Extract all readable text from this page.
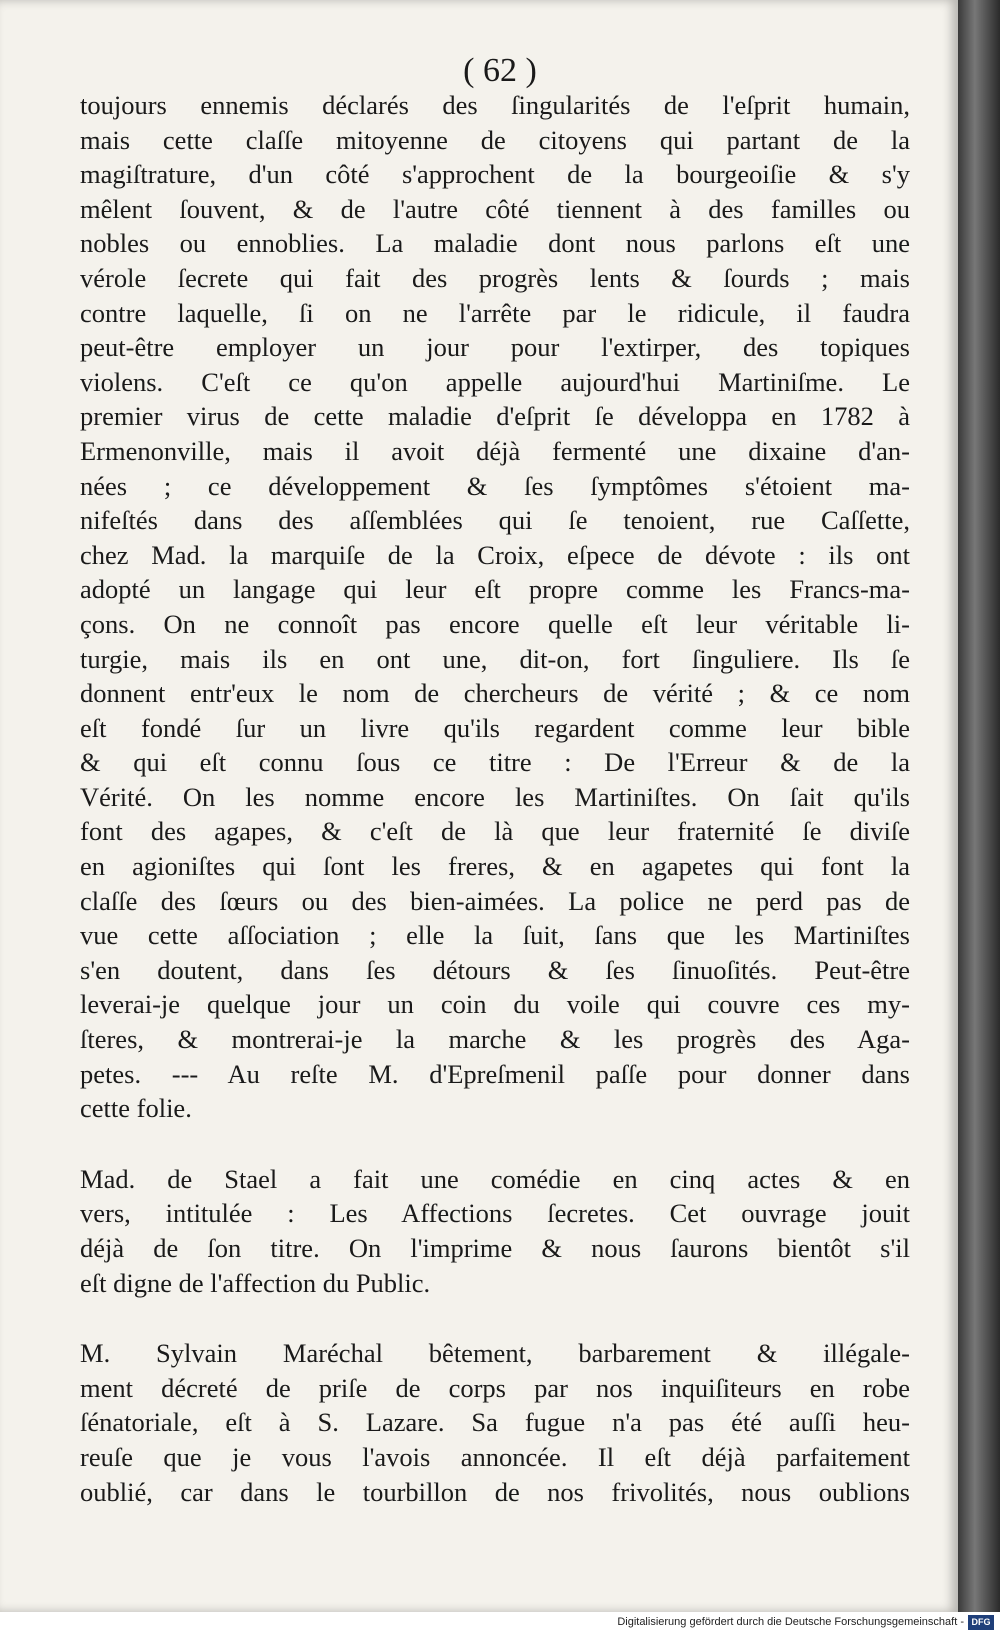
( 62 )
toujours ennemis déclarés des ſingularités de l'eſprit humain,
mais cette claſſe mitoyenne de citoyens qui partant de la
magiſtrature, d'un côté s'approchent de la bourgeoiſie & s'y
mêlent ſouvent, & de l'autre côté tiennent à des familles ou
nobles ou ennoblies. La maladie dont nous parlons eſt une
vérole ſecrete qui fait des progrès lents & ſourds ; mais
contre laquelle, ſi on ne l'arrête par le ridicule, il faudra
peut-être employer un jour pour l'extirper, des topiques
violens. C'eſt ce qu'on appelle aujourd'hui Martiniſme. Le
premier virus de cette maladie d'eſprit ſe développa en 1782 à
Ermenonville, mais il avoit déjà fermenté une dixaine d'an-
nées ; ce développement & ſes ſymptômes s'étoient ma-
nifeſtés dans des aſſemblées qui ſe tenoient, rue Caſſette,
chez Mad. la marquiſe de la Croix, eſpece de dévote : ils ont
adopté un langage qui leur eſt propre comme les Francs-ma-
çons. On ne connoît pas encore quelle eſt leur véritable li-
turgie, mais ils en ont une, dit-on, fort ſinguliere. Ils ſe
donnent entr'eux le nom de chercheurs de vérité ; & ce nom
eſt fondé ſur un livre qu'ils regardent comme leur bible
& qui eſt connu ſous ce titre : De l'Erreur & de la
Vérité. On les nomme encore les Martiniſtes. On ſait qu'ils
font des agapes, & c'eſt de là que leur fraternité ſe diviſe
en agioniſtes qui ſont les freres, & en agapetes qui font la
claſſe des ſœurs ou des bien-aimées. La police ne perd pas de
vue cette aſſociation ; elle la ſuit, ſans que les Martiniſtes
s'en doutent, dans ſes détours & ſes ſinuoſités. Peut-être
leverai-je quelque jour un coin du voile qui couvre ces my-
ſteres, & montrerai-je la marche & les progrès des Aga-
petes. --- Au reſte M. d'Epreſmenil paſſe pour donner dans
cette folie.
Mad. de Stael a fait une comédie en cinq actes & en
vers, intitulée : Les Affections ſecretes. Cet ouvrage jouit
déjà de ſon titre. On l'imprime & nous ſaurons bientôt s'il
eſt digne de l'affection du Public.
M. Sylvain Maréchal bêtement, barbarement & illégale-
ment décreté de priſe de corps par nos inquiſiteurs en robe
ſénatoriale, eſt à S. Lazare. Sa fugue n'a pas été auſſi heu-
reuſe que je vous l'avois annoncée. Il eſt déjà parfaitement
oublié, car dans le tourbillon de nos frivolités, nous oublions
Digitalisierung gefördert durch die Deutsche Forschungsgemeinschaft - DFG
